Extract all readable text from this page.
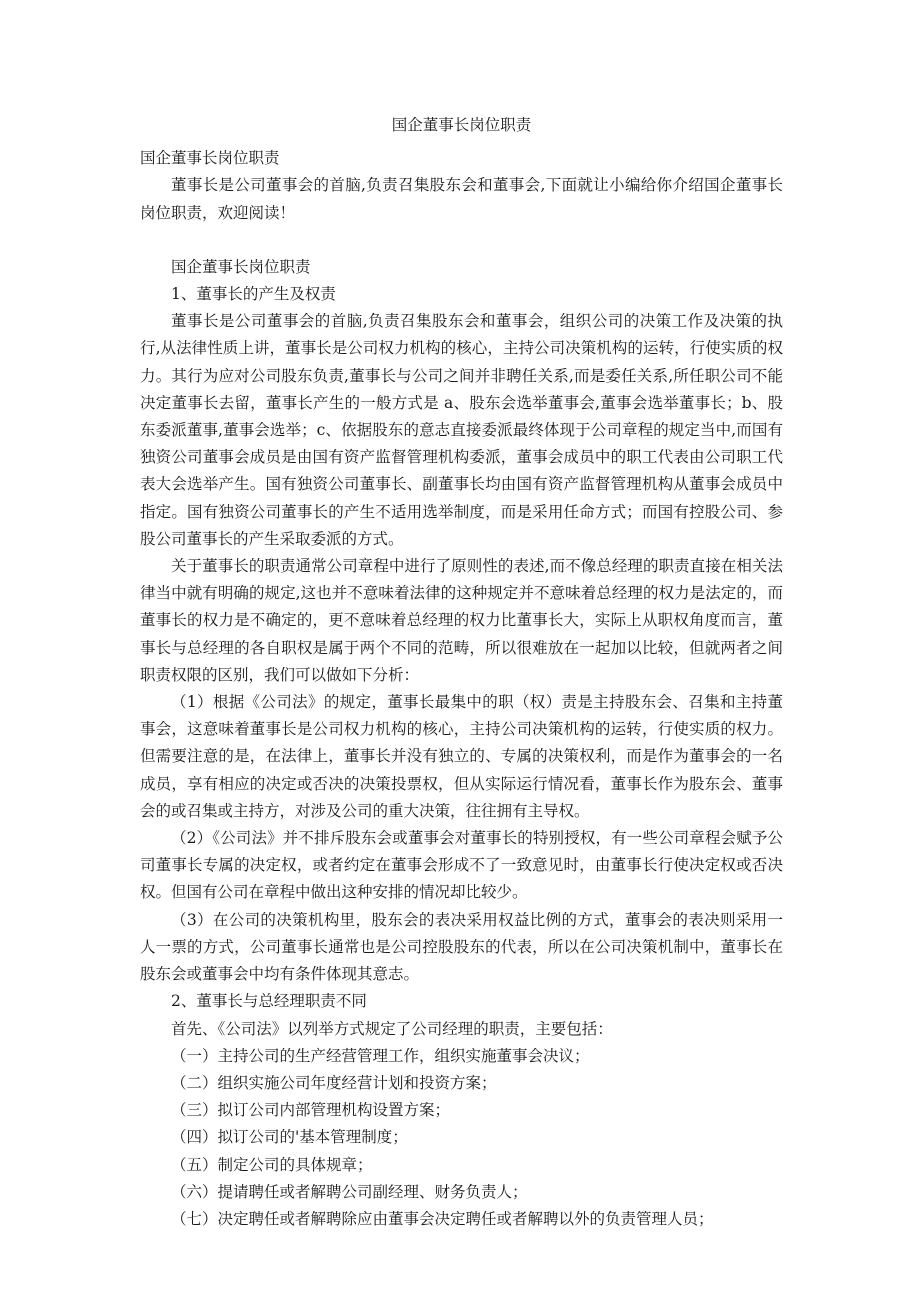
国企董事长岗位职责

国企董事长岗位职责

董事长是公司董事会的首脑,负责召集股东会和董事会,下面就让小编给你介绍国企董事长岗位职责，欢迎阅读！

国企董事长岗位职责

1、董事长的产生及权责

董事长是公司董事会的首脑,负责召集股东会和董事会，组织公司的决策工作及决策的执行,从法律性质上讲，董事长是公司权力机构的核心，主持公司决策机构的运转，行使实质的权力。其行为应对公司股东负责,董事长与公司之间并非聘任关系,而是委任关系,所任职公司不能决定董事长去留，董事长产生的一般方式是 a、股东会选举董事会,董事会选举董事长；b、股东委派董事,董事会选举；c、依据股东的意志直接委派最终体现于公司章程的规定当中,而国有独资公司董事会成员是由国有资产监督管理机构委派，董事会成员中的职工代表由公司职工代表大会选举产生。国有独资公司董事长、副董事长均由国有资产监督管理机构从董事会成员中指定。国有独资公司董事长的产生不适用选举制度，而是采用任命方式；而国有控股公司、参股公司董事长的产生采取委派的方式。

关于董事长的职责通常公司章程中进行了原则性的表述,而不像总经理的职责直接在相关法律当中就有明确的规定,这也并不意味着法律的这种规定并不意味着总经理的权力是法定的，而董事长的权力是不确定的，更不意味着总经理的权力比董事长大，实际上从职权角度而言，董事长与总经理的各自职权是属于两个不同的范畴，所以很难放在一起加以比较，但就两者之间职责权限的区别，我们可以做如下分析：

（1）根据《公司法》的规定，董事长最集中的职（权）责是主持股东会、召集和主持董事会，这意味着董事长是公司权力机构的核心，主持公司决策机构的运转，行使实质的权力。但需要注意的是，在法律上，董事长并没有独立的、专属的决策权利，而是作为董事会的一名成员，享有相应的决定或否决的决策投票权，但从实际运行情况看，董事长作为股东会、董事会的或召集或主持方，对涉及公司的重大决策，往往拥有主导权。

（2）《公司法》并不排斥股东会或董事会对董事长的特别授权，有一些公司章程会赋予公司董事长专属的决定权，或者约定在董事会形成不了一致意见时，由董事长行使决定权或否决权。但国有公司在章程中做出这种安排的情况却比较少。

（3）在公司的决策机构里，股东会的表决采用权益比例的方式，董事会的表决则采用一人一票的方式，公司董事长通常也是公司控股股东的代表，所以在公司决策机制中，董事长在股东会或董事会中均有条件体现其意志。

2、董事长与总经理职责不同

首先、《公司法》以列举方式规定了公司经理的职责，主要包括：

（一）主持公司的生产经营管理工作，组织实施董事会决议；

（二）组织实施公司年度经营计划和投资方案；

（三）拟订公司内部管理机构设置方案；

（四）拟订公司的'基本管理制度；

（五）制定公司的具体规章；

（六）提请聘任或者解聘公司副经理、财务负责人；

（七）决定聘任或者解聘除应由董事会决定聘任或者解聘以外的负责管理人员；
